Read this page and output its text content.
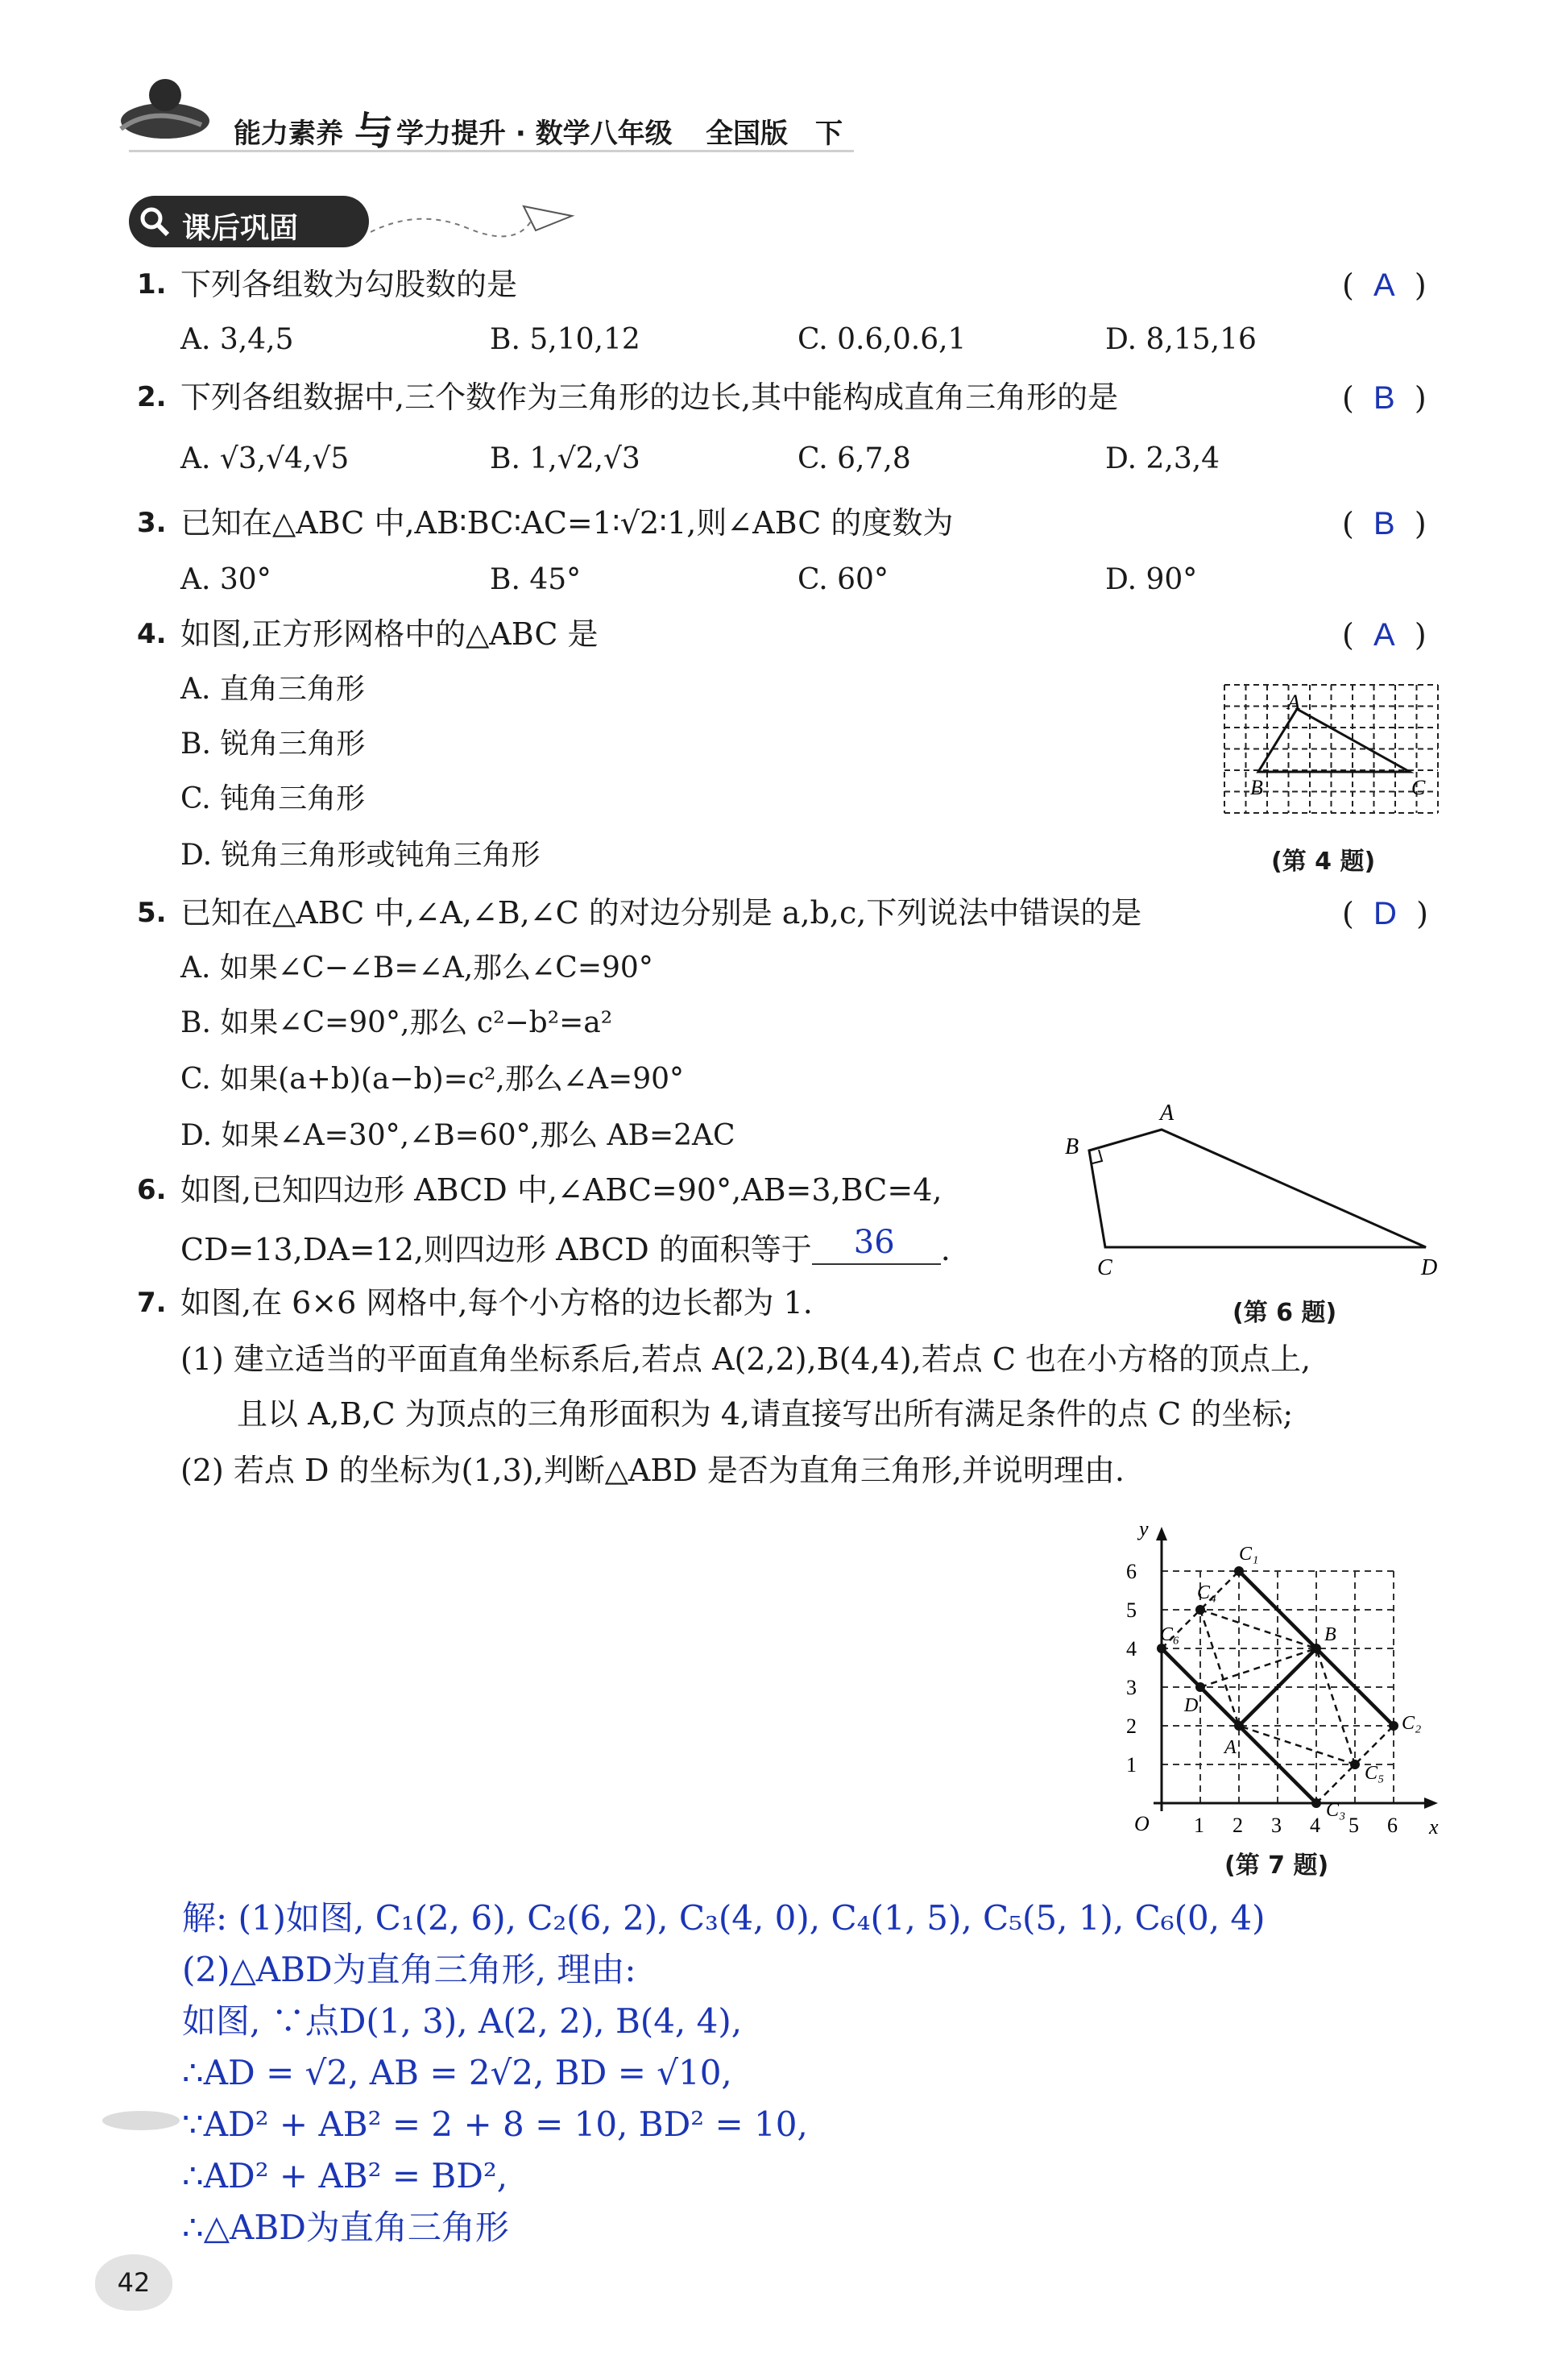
能力素养 与 学力提升 · 数学八年级 全国版 下
课后巩固
1. 下列各组数为勾股数的是	( A )
A. 3,4,5	B. 5,10,12	C. 0.6,0.6,1	D. 8,15,16
2. 下列各组数据中,三个数作为三角形的边长,其中能构成直角三角形的是	( B )
A. √3,√4,√5	B. 1,√2,√3	C. 6,7,8	D. 2,3,4
3. 已知在△ABC 中,AB∶BC∶AC=1∶√2∶1,则∠ABC 的度数为	( B )
A. 30°	B. 45°	C. 60°	D. 90°
4. 如图,正方形网格中的△ABC 是	( A )
A. 直角三角形
B. 锐角三角形
C. 钝角三角形
D. 锐角三角形或钝角三角形
A
B	C
(第 4 题)
5. 已知在△ABC 中,∠A,∠B,∠C 的对边分别是 a,b,c,下列说法中错误的是	( D )
A. 如果∠C−∠B=∠A,那么∠C=90°
B. 如果∠C=90°,那么 c²−b²=a²
C. 如果(a+b)(a−b)=c²,那么∠A=90°
D. 如果∠A=30°,∠B=60°,那么 AB=2AC
A
B
C	D
(第 6 题)
6. 如图,已知四边形 ABCD 中,∠ABC=90°,AB=3,BC=4,
CD=13,DA=12,则四边形 ABCD 的面积等于 36 .
7. 如图,在 6×6 网格中,每个小方格的边长都为 1.
(1) 建立适当的平面直角坐标系后,若点 A(2,2),B(4,4),若点 C 也在小方格的顶点上,
且以 A,B,C 为顶点的三角形面积为 4,请直接写出所有满足条件的点 C 的坐标;
(2) 若点 D 的坐标为(1,3),判断△ABD 是否为直角三角形,并说明理由.
1
1
2
2
3
3
4
4
5
5
6
6
O	x
y
C₁
C₂
C₃
C₄
C₅
C₆
A
B
D
(第 7 题)
解: (1)如图, C₁(2, 6), C₂(6, 2), C₃(4, 0), C₄(1, 5), C₅(5, 1), C₆(0, 4)
(2)△ABD为直角三角形, 理由:
如图, ∵点D(1, 3), A(2, 2), B(4, 4),
∴AD = √2, AB = 2√2, BD = √10,
∵AD² + AB² = 2 + 8 = 10, BD² = 10,
∴AD² + AB² = BD²,
∴△ABD为直角三角形
42
